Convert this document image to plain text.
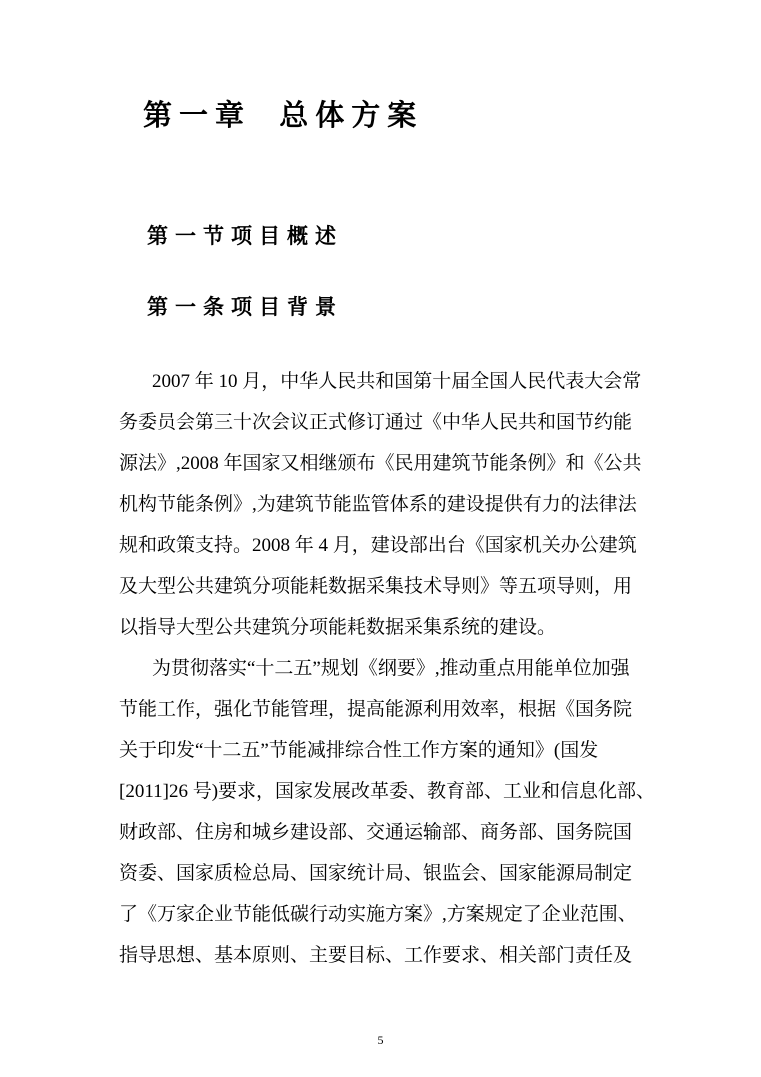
第一章 总体方案
第一节项目概述
第一条项目背景
2007 年 10 月，中华人民共和国第十届全国人民代表大会常
务委员会第三十次会议正式修订通过《中华人民共和国节约能
源法》,2008 年国家又相继颁布《民用建筑节能条例》和《公共
机构节能条例》,为建筑节能监管体系的建设提供有力的法律法
规和政策支持。2008 年 4 月，建设部出台《国家机关办公建筑
及大型公共建筑分项能耗数据采集技术导则》等五项导则，用
以指导大型公共建筑分项能耗数据采集系统的建设。
为贯彻落实“十二五”规划《纲要》,推动重点用能单位加强
节能工作，强化节能管理，提高能源利用效率，根据《国务院
关于印发“十二五”节能减排综合性工作方案的通知》(国发
[2011]26 号)要求，国家发展改革委、教育部、工业和信息化部、
财政部、住房和城乡建设部、交通运输部、商务部、国务院国
资委、国家质检总局、国家统计局、银监会、国家能源局制定
了《万家企业节能低碳行动实施方案》,方案规定了企业范围、
指导思想、基本原则、主要目标、工作要求、相关部门责任及
5
